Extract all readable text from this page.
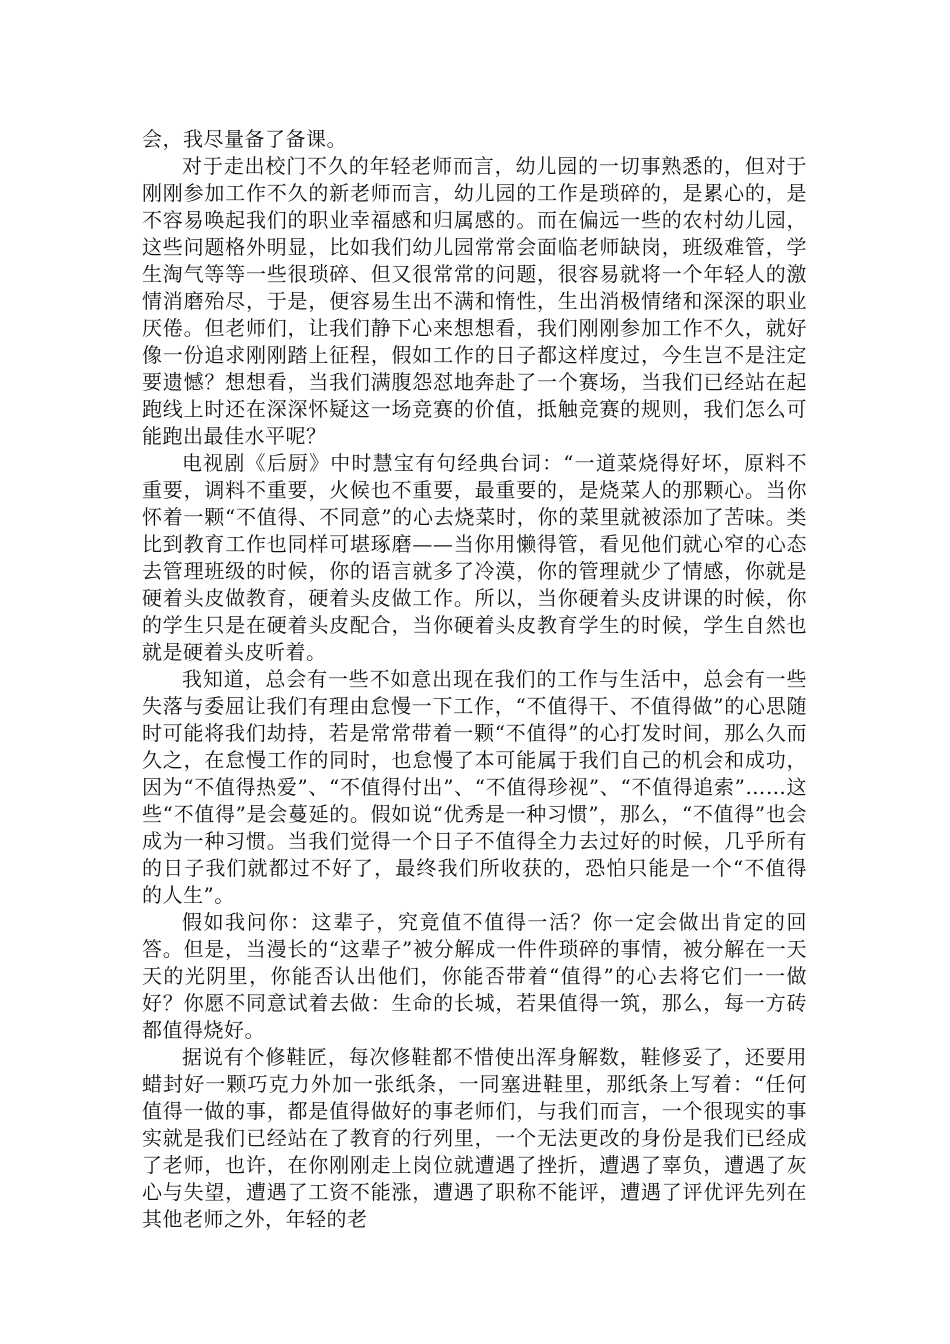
会，我尽量备了备课。

对于走出校门不久的年轻老师而言，幼儿园的一切事熟悉的，但对于刚刚参加工作不久的新老师而言，幼儿园的工作是琐碎的，是累心的，是不容易唤起我们的职业幸福感和归属感的。而在偏远一些的农村幼儿园，这些问题格外明显，比如我们幼儿园常常会面临老师缺岗，班级难管，学生淘气等等一些很琐碎、但又很常常的问题，很容易就将一个年轻人的激情消磨殆尽，于是，便容易生出不满和惰性，生出消极情绪和深深的职业厌倦。但老师们，让我们静下心来想想看，我们刚刚参加工作不久，就好像一份追求刚刚踏上征程，假如工作的日子都这样度过，今生岂不是注定要遗憾？想想看，当我们满腹怨怼地奔赴了一个赛场，当我们已经站在起跑线上时还在深深怀疑这一场竞赛的价值，抵触竞赛的规则，我们怎么可能跑出最佳水平呢？

电视剧《后厨》中时慧宝有句经典台词：“一道菜烧得好坏，原料不重要，调料不重要，火候也不重要，最重要的，是烧菜人的那颗心。当你怀着一颗“不值得、不同意”的心去烧菜时，你的菜里就被添加了苦味。类比到教育工作也同样可堪琢磨——当你用懒得管，看见他们就心窄的心态去管理班级的时候，你的语言就多了冷漠，你的管理就少了情感，你就是硬着头皮做教育，硬着头皮做工作。所以，当你硬着头皮讲课的时候，你的学生只是在硬着头皮配合，当你硬着头皮教育学生的时候，学生自然也就是硬着头皮听着。

我知道，总会有一些不如意出现在我们的工作与生活中，总会有一些失落与委屈让我们有理由怠慢一下工作，“不值得干、不值得做”的心思随时可能将我们劫持，若是常常带着一颗“不值得”的心打发时间，那么久而久之，在怠慢工作的同时，也怠慢了本可能属于我们自己的机会和成功，因为“不值得热爱”、“不值得付出”、“不值得珍视”、“不值得追索”……这些“不值得”是会蔓延的。假如说“优秀是一种习惯”，那么，“不值得”也会成为一种习惯。当我们觉得一个日子不值得全力去过好的时候，几乎所有的日子我们就都过不好了，最终我们所收获的，恐怕只能是一个“不值得的人生”。

假如我问你：这辈子，究竟值不值得一活？你一定会做出肯定的回答。但是，当漫长的“这辈子”被分解成一件件琐碎的事情，被分解在一天天的光阴里，你能否认出他们，你能否带着“值得”的心去将它们一一做好？你愿不同意试着去做：生命的长城，若果值得一筑，那么，每一方砖都值得烧好。

据说有个修鞋匠，每次修鞋都不惜使出浑身解数，鞋修妥了，还要用蜡封好一颗巧克力外加一张纸条，一同塞进鞋里，那纸条上写着：“任何值得一做的事，都是值得做好的事老师们，与我们而言，一个很现实的事实就是我们已经站在了教育的行列里，一个无法更改的身份是我们已经成了老师，也许，在你刚刚走上岗位就遭遇了挫折，遭遇了辜负，遭遇了灰心与失望，遭遇了工资不能涨，遭遇了职称不能评，遭遇了评优评先列在其他老师之外，年轻的老
